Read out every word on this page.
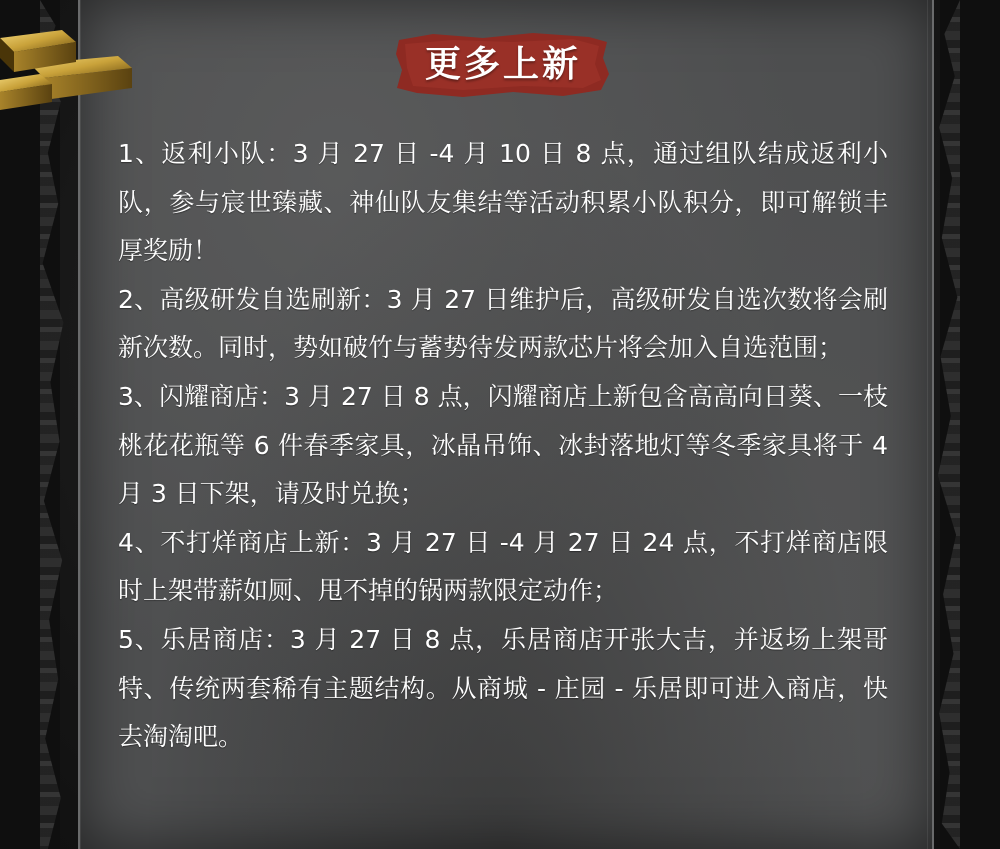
更多上新

1、返利小队：3 月 27 日 -4 月 10 日 8 点，通过组队结成返利小队，参与宸世臻藏、神仙队友集结等活动积累小队积分，即可解锁丰厚奖励！

2、高级研发自选刷新：3 月 27 日维护后，高级研发自选次数将会刷新次数。同时，势如破竹与蓄势待发两款芯片将会加入自选范围；

3、闪耀商店：3 月 27 日 8 点，闪耀商店上新包含高高向日葵、一枝桃花花瓶等 6 件春季家具，冰晶吊饰、冰封落地灯等冬季家具将于 4 月 3 日下架，请及时兑换；

4、不打烊商店上新：3 月 27 日 -4 月 27 日 24 点，不打烊商店限时上架带薪如厕、甩不掉的锅两款限定动作；

5、乐居商店：3 月 27 日 8 点，乐居商店开张大吉，并返场上架哥特、传统两套稀有主题结构。从商城 - 庄园 - 乐居即可进入商店，快去淘淘吧。
